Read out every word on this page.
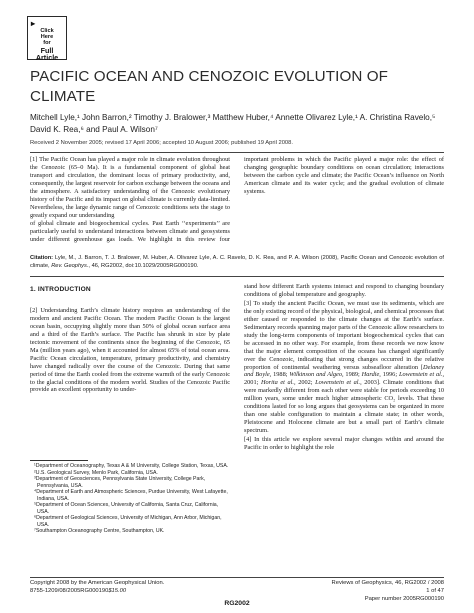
▸
Click
Here
for
Full
Article
PACIFIC OCEAN AND CENOZOIC EVOLUTION OF CLIMATE
Mitchell Lyle,¹ John Barron,² Timothy J. Bralower,³ Matthew Huber,⁴ Annette Olivarez Lyle,¹ A. Christina Ravelo,⁵ David K. Rea,⁶ and Paul A. Wilson⁷
Received 2 November 2005; revised 17 April 2006; accepted 10 August 2006; published 19 April 2008.

[1] The Pacific Ocean has played a major role in climate evolution throughout the Cenozoic (65–0 Ma). It is a fundamental component of global heat transport and circulation, the dominant locus of primary productivity, and, consequently, the largest reservoir for carbon exchange between the oceans and the atmosphere. A satisfactory understanding of the Cenozoic evolutionary history of the Pacific and its impact on global climate is currently data-limited. Nevertheless, the large dynamic range of Cenozoic conditions sets the stage to greatly expand our understanding

of global climate and biogeochemical cycles. Past Earth ‘‘experiments’’ are particularly useful to understand interactions between climate and geosystems under different greenhouse gas loads. We highlight in this review four important problems in which the Pacific played a major role: the effect of changing geographic boundary conditions on ocean circulation; interactions between the carbon cycle and climate; the Pacific Ocean’s influence on North American climate and its water cycle; and the gradual evolution of climate systems.

Citation: Lyle, M., J. Barron, T. J. Bralower, M. Huber, A. Olivarez Lyle, A. C. Ravelo, D. K. Rea, and P. A. Wilson (2008), Pacific Ocean and Cenozoic evolution of climate, Rev. Geophys., 46, RG2002, doi:10.1029/2005RG000190.
1. INTRODUCTION

[2] Understanding Earth’s climate history requires an understanding of the modern and ancient Pacific Ocean. The modern Pacific Ocean is the largest ocean basin, occupying slightly more than 50% of global ocean surface area and a third of the Earth’s surface. The Pacific has shrunk in size by plate tectonic movement of the continents since the beginning of the Cenozoic, 65 Ma (million years ago), when it accounted for almost 65% of total ocean area. Pacific Ocean circulation, temperature, primary productivity, and chemistry have changed radically over the course of the Cenozoic. During that same period of time the Earth cooled from the extreme warmth of the early Cenozoic to the glacial conditions of the modern world. Studies of the Cenozoic Pacific provide an excellent opportunity to under-

¹Department of Oceanography, Texas A & M University, College Station, Texas, USA.
²U.S. Geological Survey, Menlo Park, California, USA.
³Department of Geosciences, Pennsylvania State University, College Park, Pennsylvania, USA.
⁴Department of Earth and Atmospheric Sciences, Purdue University, West Lafayette, Indiana, USA.
⁵Department of Ocean Sciences, University of California, Santa Cruz, California, USA.
⁶Department of Geological Sciences, University of Michigan, Ann Arbor, Michigan, USA.
⁷Southampton Oceanography Centre, Southampton, UK.

stand how different Earth systems interact and respond to changing boundary conditions of global temperature and geography.

[3] To study the ancient Pacific Ocean, we must use its sediments, which are the only existing record of the physical, biological, and chemical processes that either caused or responded to the climate changes at the Earth’s surface. Sedimentary records spanning major parts of the Cenozoic allow researchers to study the long-term components of important biogeochemical cycles that can be accessed in no other way. For example, from these records we now know that the major element composition of the oceans has changed significantly over the Cenozoic, indicating that strong changes occurred in the relative proportion of continental weathering versus subseafloor alteration [Delaney and Boyle, 1988; Wilkinson and Algeo, 1989; Hardie, 1996; Lowenstein et al., 2001; Horita et al., 2002; Lowenstein et al., 2003]. Climate conditions that were markedly different from each other were stable for periods exceeding 10 million years, some under much higher atmospheric CO₂ levels. That these conditions lasted for so long argues that geosystems can be organized in more than one stable configuration to maintain a climate state; in other words, Pleistocene and Holocene climate are but a small part of Earth’s climate spectrum.

[4] In this article we explore several major changes within and around the Pacific in order to highlight the role

Copyright 2008 by the American Geophysical Union.
8755-1209/08/2005RG000190$15.00
Reviews of Geophysics, 46, RG2002 / 2008
1 of 47
Paper number 2005RG000190
RG2002
